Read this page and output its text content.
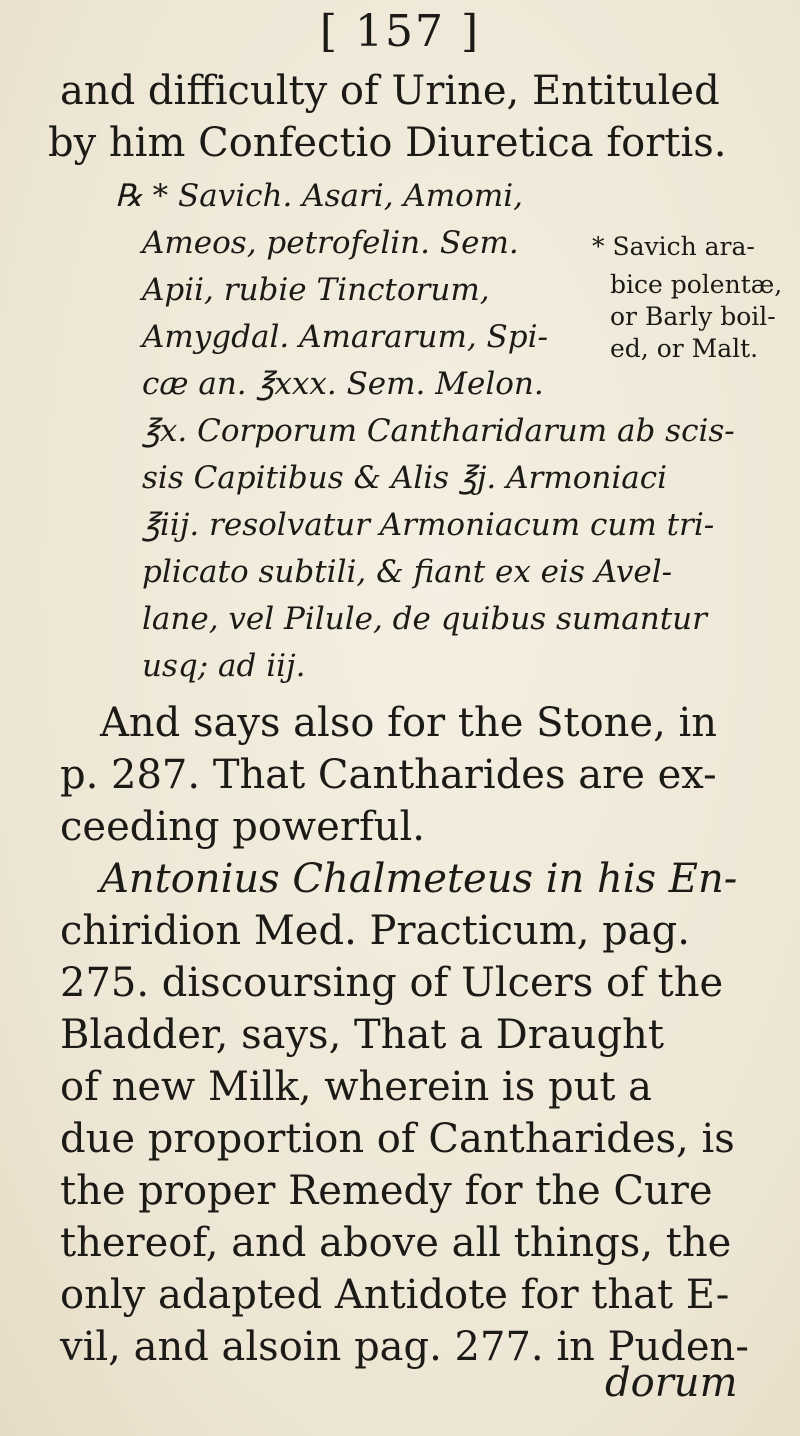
[ 157 ]
and difficulty of Urine, Entituled
by him Confectio Diuretica fortis.
℞ * Savich. Asari, Amomi,
Ameos, petrofelin. Sem.
Apii, rubie Tinctorum,
Amygdal. Amararum, Spi-
cæ an. ℥xxx. Sem. Melon.
℥x. Corporum Cantharidarum ab scis-
sis Capitibus & Alis ℥j. Armoniaci
℥iij. resolvatur Armoniacum cum tri-
plicato subtili, & fiant ex eis Avel-
lane, vel Pilule, de quibus sumantur
usq; ad iij.
* Savich ara-
bice polentæ,
or Barly boil-
ed, or Malt.
And says also for the Stone, in
p. 287. That Cantharides are ex-
ceeding powerful.
Antonius Chalmeteus in his En-
chiridion Med. Practicum, pag.
275. discoursing of Ulcers of the
Bladder, says, That a Draught
of new Milk, wherein is put a
due proportion of Cantharides, is
the proper Remedy for the Cure
thereof, and above all things, the
only adapted Antidote for that E-
vil, and alsoin pag. 277. in Puden-
dorum
